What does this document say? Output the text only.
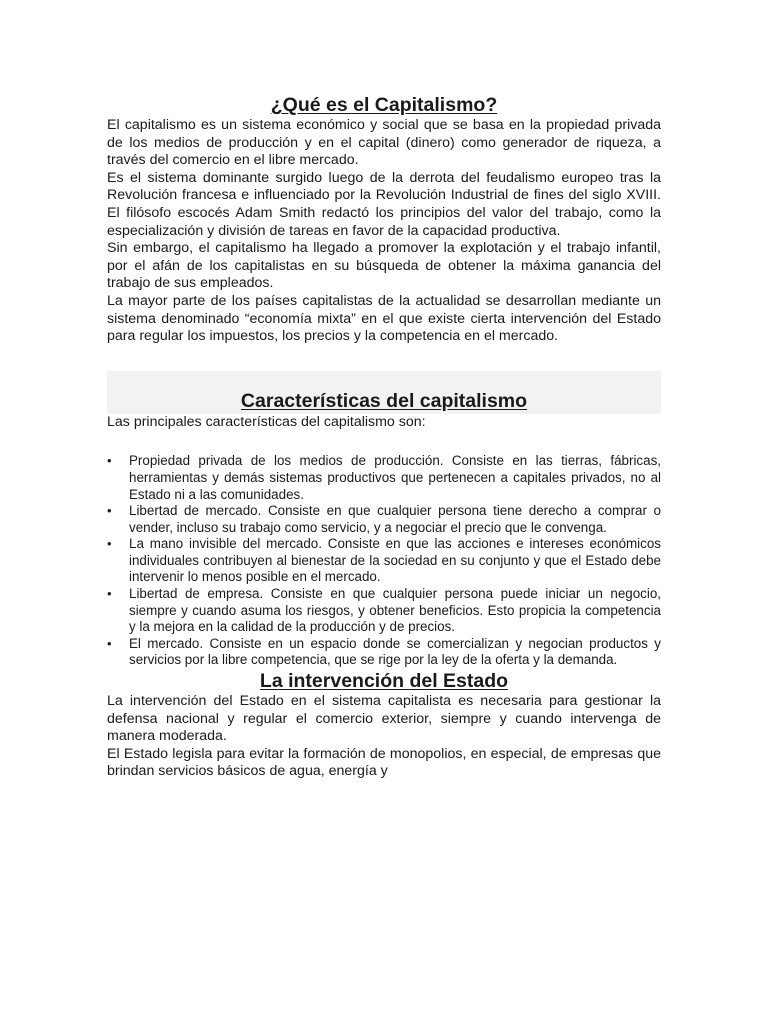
¿Qué es el Capitalismo?

El capitalismo es un sistema económico y social que se basa en la propiedad privada de los medios de producción y en el capital (dinero) como generador de riqueza, a través del comercio en el libre mercado.

Es el sistema dominante surgido luego de la derrota del feudalismo europeo tras la Revolución francesa e influenciado por la Revolución Industrial de fines del siglo XVIII. El filósofo escocés Adam Smith redactó los principios del valor del trabajo, como la especialización y división de tareas en favor de la capacidad productiva.

Sin embargo, el capitalismo ha llegado a promover la explotación y el trabajo infantil, por el afán de los capitalistas en su búsqueda de obtener la máxima ganancia del trabajo de sus empleados.

La mayor parte de los países capitalistas de la actualidad se desarrollan mediante un sistema denominado “economía mixta” en el que existe cierta intervención del Estado para regular los impuestos, los precios y la competencia en el mercado.

Características del capitalismo

Las principales características del capitalismo son:

• Propiedad privada de los medios de producción. Consiste en las tierras, fábricas, herramientas y demás sistemas productivos que pertenecen a capitales privados, no al Estado ni a las comunidades.
• Libertad de mercado. Consiste en que cualquier persona tiene derecho a comprar o vender, incluso su trabajo como servicio, y a negociar el precio que le convenga.
• La mano invisible del mercado. Consiste en que las acciones e intereses económicos individuales contribuyen al bienestar de la sociedad en su conjunto y que el Estado debe intervenir lo menos posible en el mercado.
• Libertad de empresa. Consiste en que cualquier persona puede iniciar un negocio, siempre y cuando asuma los riesgos, y obtener beneficios. Esto propicia la competencia y la mejora en la calidad de la producción y de precios.
• El mercado. Consiste en un espacio donde se comercializan y negocian productos y servicios por la libre competencia, que se rige por la ley de la oferta y la demanda.
La intervención del Estado

La intervención del Estado en el sistema capitalista es necesaria para gestionar la defensa nacional y regular el comercio exterior, siempre y cuando intervenga de manera moderada.

El Estado legisla para evitar la formación de monopolios, en especial, de empresas que brindan servicios básicos de agua, energía y
